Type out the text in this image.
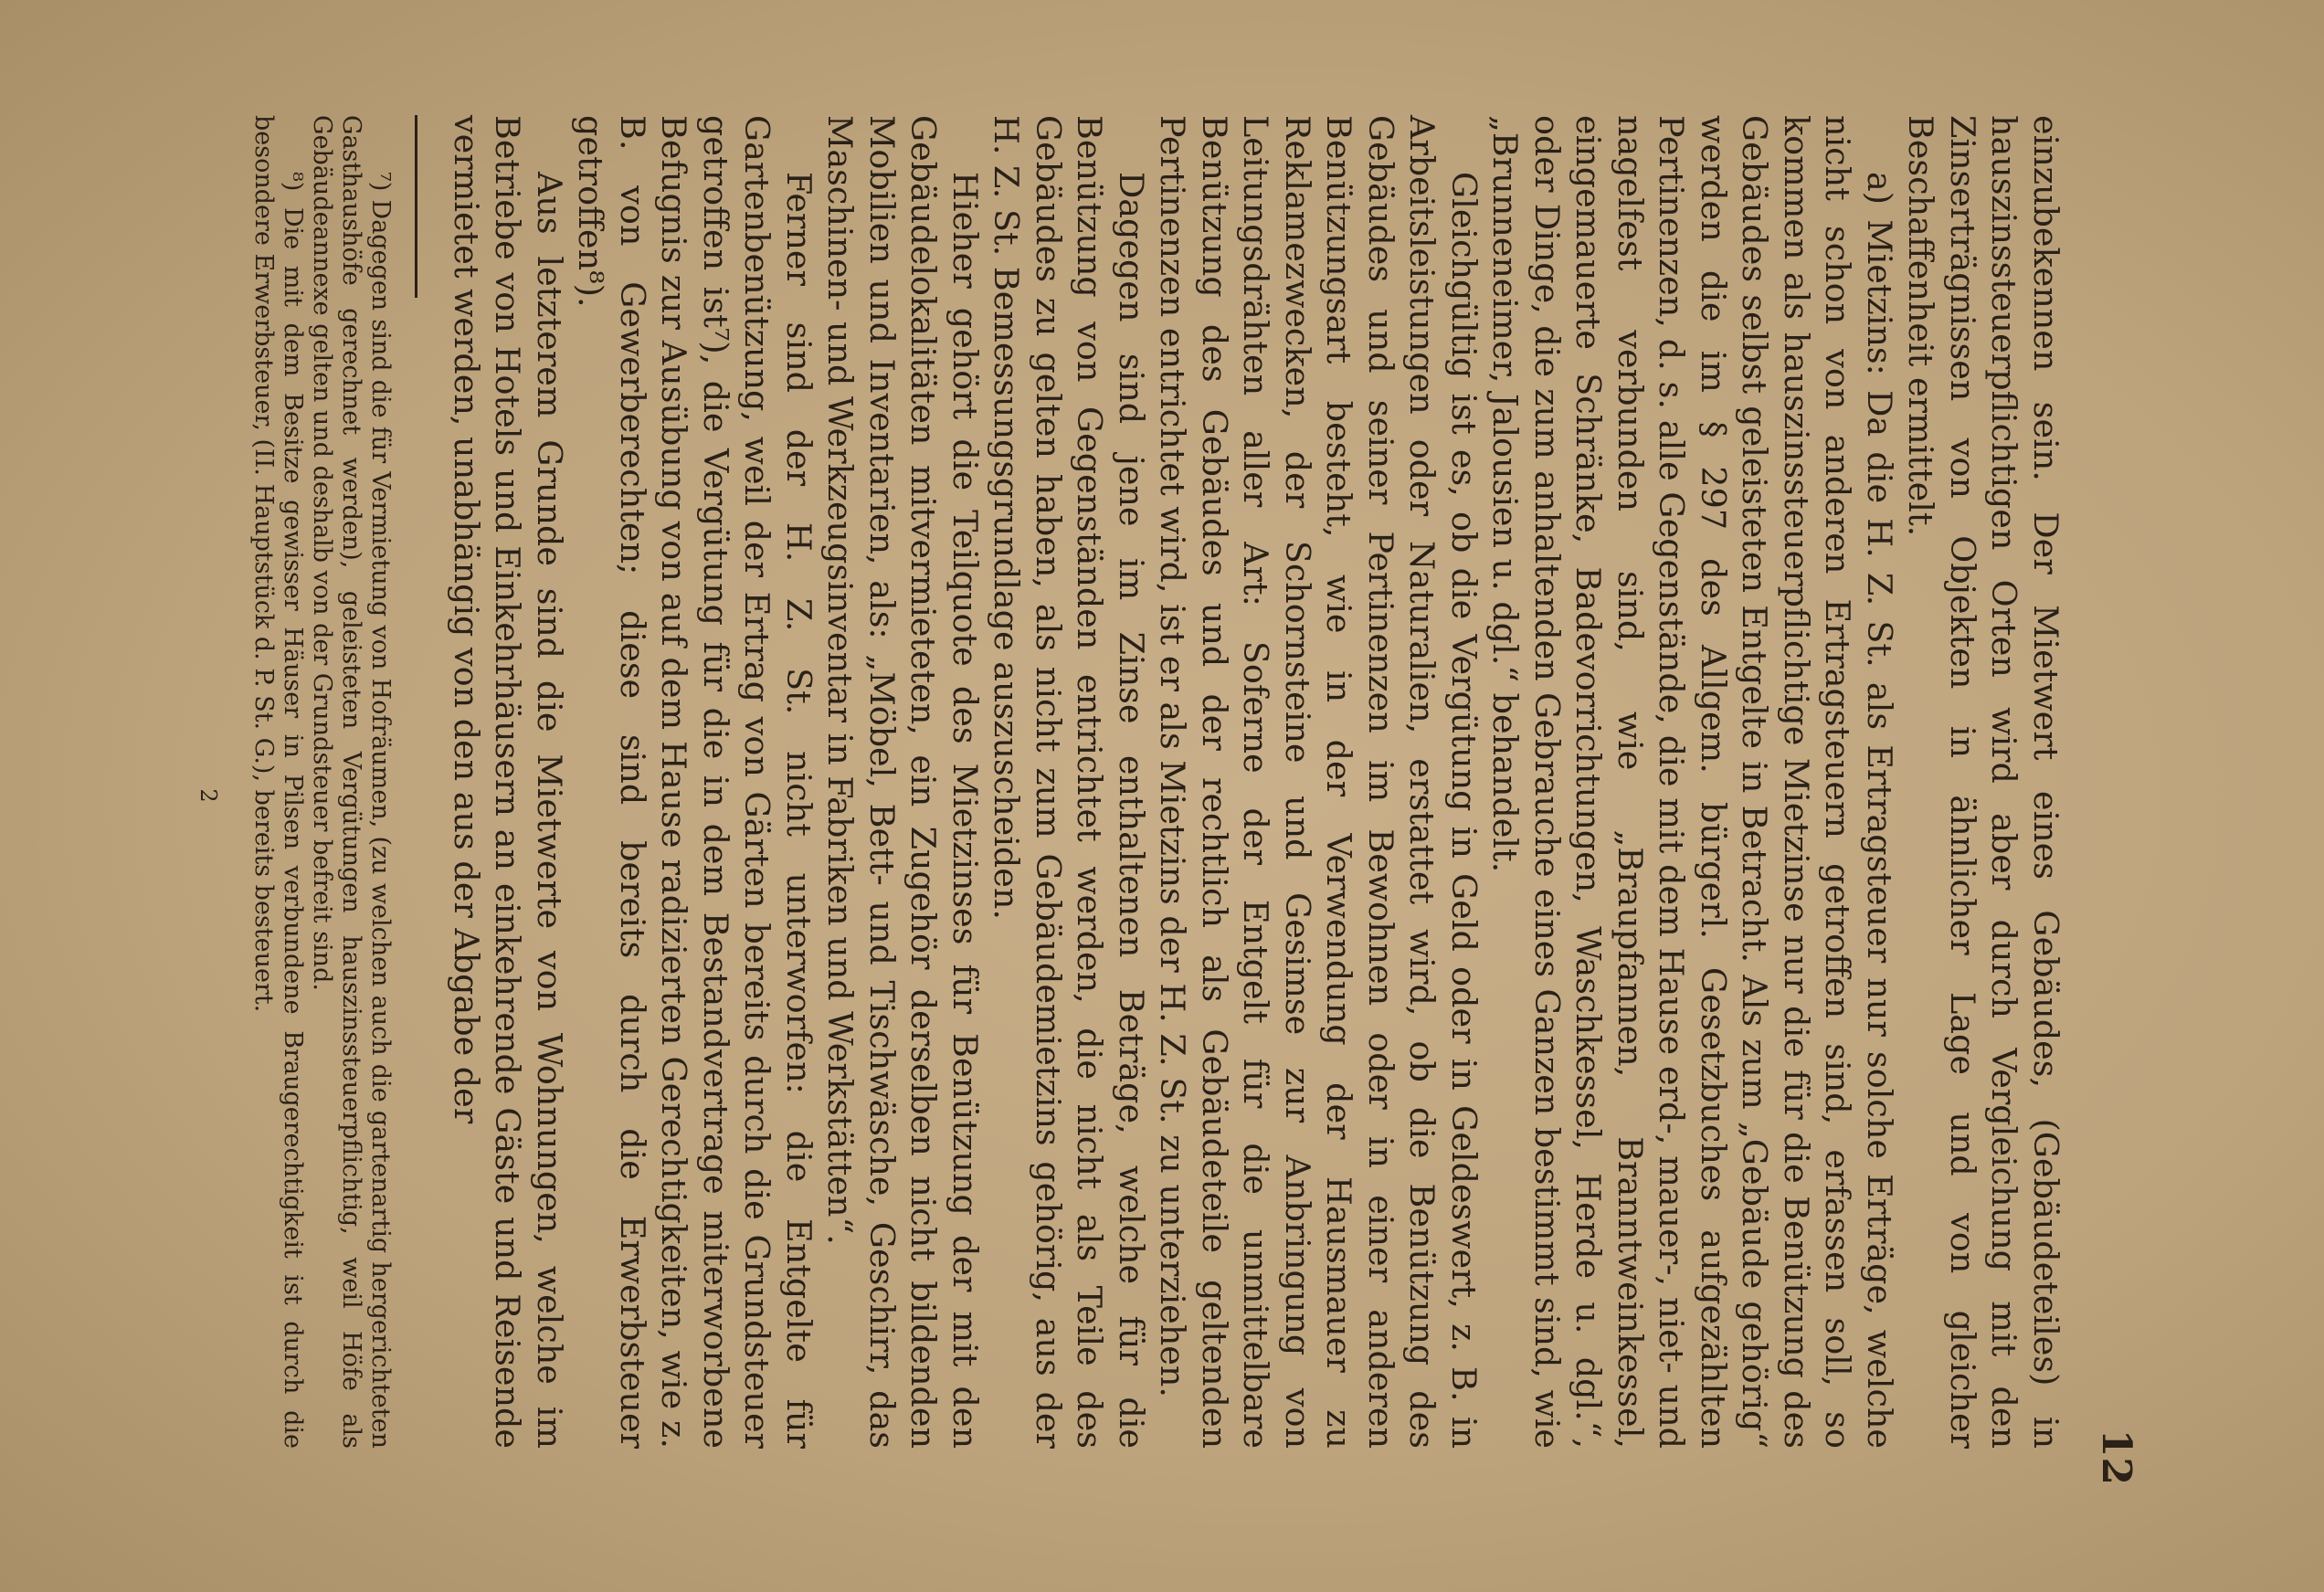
12

einzubekennen sein. Der Mietwert eines Gebäudes, (Gebäudeteiles) in hauszinssteuerpflichtigen Orten wird aber durch Vergleichung mit den Zinserträgnissen von Objekten in ähnlicher Lage und von gleicher Beschaffenheit ermittelt.

a) Mietzins: Da die H. Z. St. als Ertragsteuer nur solche Erträge, welche nicht schon von anderen Ertragsteuern getroffen sind, erfassen soll, so kommen als hauszinssteuerpflichtige Mietzinse nur die für die Benützung des Gebäudes selbst geleisteten Entgelte in Betracht. Als zum „Gebäude gehörig“ werden die im § 297 des Allgem. bürgerl. Gesetzbuches aufgezählten Pertinenzen, d. s. alle Gegenstände, die mit dem Hause erd-, mauer-, niet- und nagelfest verbunden sind, wie „Braupfannen, Branntweinkessel, eingemauerte Schränke, Badevorrichtungen, Waschkessel, Herde u. dgl.“, oder Dinge, die zum anhaltenden Gebrauche eines Ganzen bestimmt sind, wie „Brunneneimer, Jalousien u. dgl.“ behandelt.

Gleichgültig ist es, ob die Vergütung in Geld oder in Geldeswert, z. B. in Arbeitsleistungen oder Naturalien, erstattet wird, ob die Benützung des Gebäudes und seiner Pertinenzen im Bewohnen oder in einer anderen Benützungsart besteht, wie in der Verwendung der Hausmauer zu Reklamezwecken, der Schornsteine und Gesimse zur Anbringung von Leitungsdrähten aller Art: Soferne der Entgelt für die unmittelbare Benützung des Gebäudes und der rechtlich als Gebäudeteile geltenden Pertinenzen entrichtet wird, ist er als Mietzins der H. Z. St. zu unterziehen.

Dagegen sind jene im Zinse enthaltenen Beträge, welche für die Benützung von Gegenständen entrichtet werden, die nicht als Teile des Gebäudes zu gelten haben, als nicht zum Gebäudemietzins gehörig, aus der H. Z. St. Bemessungsgrundlage auszuscheiden.

Hieher gehört die Teilquote des Mietzinses für Benützung der mit den Gebäudelokalitäten mitvermieteten, ein Zugehör derselben nicht bildenden Mobilien und Inventarien, als: „Möbel, Bett- und Tischwäsche, Geschirr, das Maschinen- und Werkzeugsinventar in Fabriken und Werkstätten“.

Ferner sind der H. Z. St. nicht unterworfen: die Entgelte für Gartenbenützung, weil der Ertrag von Gärten bereits durch die Grundsteuer getroffen ist⁷), die Vergütung für die in dem Bestandvertrage miterworbene Befugnis zur Ausübung von auf dem Hause radizierten Gerechtigkeiten, wie z. B. von Gewerberechten; diese sind bereits durch die Erwerbsteuer getroffen⁸).

Aus letzterem Grunde sind die Mietwerte von Wohnungen, welche im Betriebe von Hotels und Einkehrhäusern an einkehrende Gäste und Reisende vermietet werden, unabhängig von den aus der Abgabe der

⁷) Dagegen sind die für Vermietung von Hofräumen, (zu welchen auch die gartenartig hergerichteten Gasthaushöfe gerechnet werden), geleisteten Vergütungen hauszinssteuerpflichtig, weil Höfe als Gebäudeannexe gelten und deshalb von der Grundsteuer befreit sind.

⁸) Die mit dem Besitze gewisser Häuser in Pilsen verbundene Braugerechtigkeit ist durch die besondere Erwerbsteuer, (II. Hauptstück d. P. St. G.), bereits besteuert.

2
